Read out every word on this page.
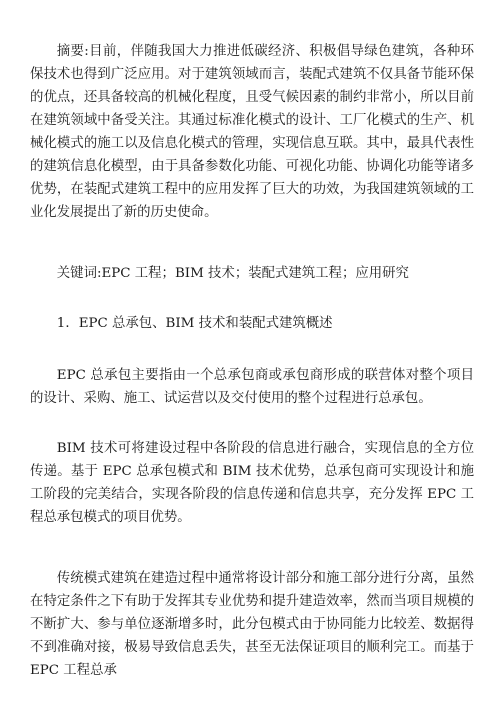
摘要:目前，伴随我国大力推进低碳经济、积极倡导绿色建筑，各种环保技术也得到广泛应用。对于建筑领域而言，装配式建筑不仅具备节能环保的优点，还具备较高的机械化程度，且受气候因素的制约非常小，所以目前在建筑领域中备受关注。其通过标准化模式的设计、工厂化模式的生产、机械化模式的施工以及信息化模式的管理，实现信息互联。其中，最具代表性的建筑信息化模型，由于具备参数化功能、可视化功能、协调化功能等诸多优势，在装配式建筑工程中的应用发挥了巨大的功效，为我国建筑领域的工业化发展提出了新的历史使命。

关键词:EPC 工程；BIM 技术；装配式建筑工程；应用研究

1．EPC 总承包、BIM 技术和装配式建筑概述

EPC 总承包主要指由一个总承包商或承包商形成的联营体对整个项目的设计、采购、施工、试运营以及交付使用的整个过程进行总承包。

BIM 技术可将建设过程中各阶段的信息进行融合，实现信息的全方位传递。基于 EPC 总承包模式和 BIM 技术优势，总承包商可实现设计和施工阶段的完美结合，实现各阶段的信息传递和信息共享，充分发挥 EPC 工程总承包模式的项目优势。

传统模式建筑在建造过程中通常将设计部分和施工部分进行分离，虽然在特定条件之下有助于发挥其专业优势和提升建造效率，然而当项目规模的不断扩大、参与单位逐渐增多时，此分包模式由于协同能力比较差、数据得不到准确对接，极易导致信息丢失，甚至无法保证项目的顺利完工。而基于 EPC 工程总承
